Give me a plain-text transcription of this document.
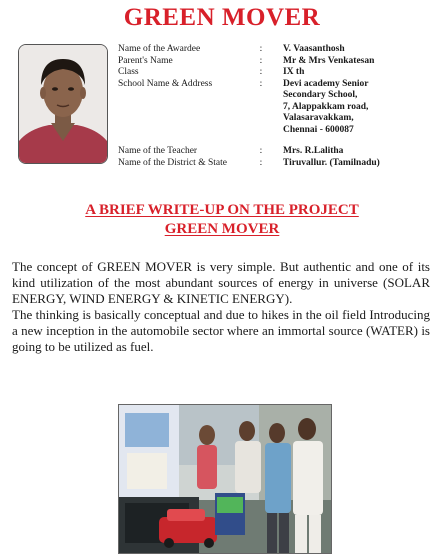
GREEN MOVER
Name of the Awardee	: V. Vaasanthosh
Parent's Name	: Mr & Mrs Venkatesan
Class	: IX th
School Name & Address	: Devi academy Senior
Secondary School,
7, Alappakkam road,
Valasaravakkam,
Chennai - 600087
Name of the Teacher	: Mrs. R.Lalitha
Name of the District & State	: Tiruvallur. (Tamilnadu)
A BRIEF WRITE-UP ON THE PROJECT
GREEN MOVER

The concept of GREEN MOVER is very simple. But authentic and one of its kind utilization of the most abundant sources of energy in universe (SOLAR ENERGY, WIND ENERGY & KINETIC ENERGY).

The thinking is basically conceptual and due to hikes in the oil field Introducing a new inception in the automobile sector where an immortal source (WATER) is going to be utilized as fuel.
